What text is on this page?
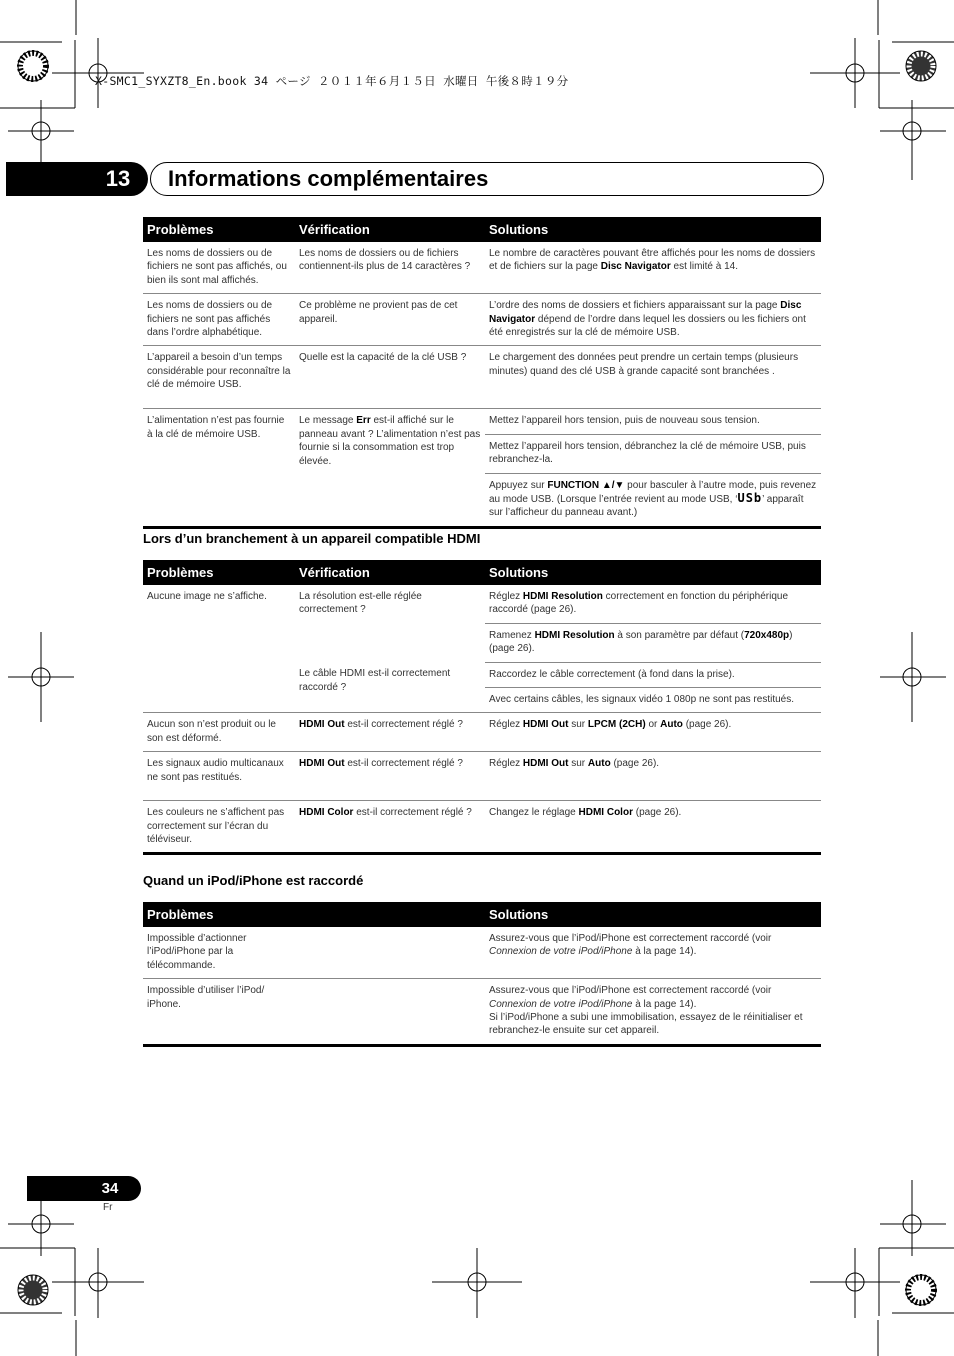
X-SMC1_SYXZT8_En.book 34 ページ ２０１１年６月１５日 水曜日 午後８時１９分
13 Informations complémentaires
Problèmes	Vérification	Solutions
Les noms de dossiers ou de fichiers ne sont pas affichés, ou bien ils sont mal affichés.	Les noms de dossiers ou de fichiers contiennent-ils plus de 14 caractères ?	Le nombre de caractères pouvant être affichés pour les noms de dossiers et de fichiers sur la page Disc Navigator est limité à 14.
Les noms de dossiers ou de fichiers ne sont pas affichés dans l’ordre alphabétique.	Ce problème ne provient pas de cet appareil.	L’ordre des noms de dossiers et fichiers apparaissant sur la page Disc Navigator dépend de l’ordre dans lequel les dossiers ou les fichiers ont été enregistrés sur la clé de mémoire USB.
L’appareil a besoin d’un temps considérable pour reconnaître la clé de mémoire USB.	Quelle est la capacité de la clé USB ?	Le chargement des données peut prendre un certain temps (plusieurs minutes) quand des clé USB à grande capacité sont branchées .
L’alimentation n’est pas fournie à la clé de mémoire USB.	Le message Err est-il affiché sur le panneau avant ? L’alimentation n’est pas fournie si la consommation est trop élevée.	Mettez l’appareil hors tension, puis de nouveau sous tension.
		Mettez l’appareil hors tension, débranchez la clé de mémoire USB, puis rebranchez-la.
		Appuyez sur FUNCTION ▲/▼ pour basculer à l’autre mode, puis revenez au mode USB. (Lorsque l’entrée revient au mode USB, ‘USb’ apparaît sur l’afficheur du panneau avant.)
Lors d’un branchement à un appareil compatible HDMI
Problèmes	Vérification	Solutions
Aucune image ne s’affiche.	La résolution est-elle réglée correctement ?	Réglez HDMI Resolution correctement en fonction du périphérique raccordé (page 26).
		Ramenez HDMI Resolution à son paramètre par défaut (720x480p) (page 26).
	Le câble HDMI est-il correctement raccordé ?	Raccordez le câble correctement (à fond dans la prise).
		Avec certains câbles, les signaux vidéo 1 080p ne sont pas restitués.
Aucun son n’est produit ou le son est déformé.	HDMI Out est-il correctement réglé ?	Réglez HDMI Out sur LPCM (2CH) or Auto (page 26).
Les signaux audio multicanaux ne sont pas restitués.	HDMI Out est-il correctement réglé ?	Réglez HDMI Out sur Auto (page 26).
Les couleurs ne s’affichent pas correctement sur l’écran du téléviseur.	HDMI Color est-il correctement réglé ?	Changez le réglage HDMI Color (page 26).
Quand un iPod/iPhone est raccordé
Problèmes	Solutions

Impossible d’actionner l’iPod/iPhone par la télécommande.	Assurez-vous que l’iPod/iPhone est correctement raccordé (voir Connexion de votre iPod/iPhone à la page 14).

Impossible d’utiliser l’iPod/ iPhone.	Assurez-vous que l’iPod/iPhone est correctement raccordé (voir Connexion de votre iPod/iPhone à la page 14).
Si l’iPod/iPhone a subi une immobilisation, essayez de le réinitialiser et rebranchez-le ensuite sur cet appareil.
34
Fr
